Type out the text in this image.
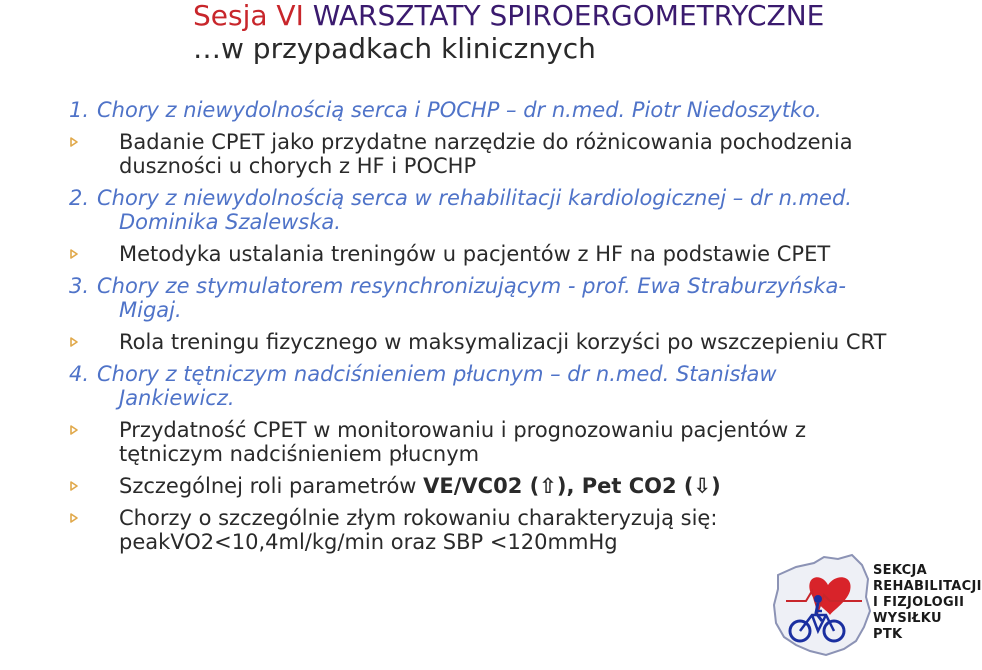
Sesja VI WARSZTATY SPIROERGOMETRYCZNE
…w przypadkach klinicznych
1. Chory z niewydolnością serca i POCHP – dr n.med. Piotr Niedoszytko.
Badanie CPET jako przydatne narzędzie do różnicowania pochodzenia
duszności u chorych z HF i POCHP
2. Chory z niewydolnością serca w rehabilitacji kardiologicznej – dr n.med.
Dominika Szalewska.
Metodyka ustalania treningów u pacjentów z HF na podstawie CPET
3. Chory ze stymulatorem resynchronizującym - prof. Ewa Straburzyńska-
Migaj.
Rola treningu fizycznego w maksymalizacji korzyści po wszczepieniu CRT
4. Chory z tętniczym nadciśnieniem płucnym – dr n.med. Stanisław
Jankiewicz.
Przydatność CPET w monitorowaniu i prognozowaniu pacjentów z
tętniczym nadciśnieniem płucnym
Szczególnej roli parametrów VE/VC02 (⇧), Pet CO2 (⇩)
Chorzy o szczególnie złym rokowaniu charakteryzują się:
peakVO2<10,4ml/kg/min oraz SBP <120mmHg
SEKCJA
REHABILITACJI
I FIZJOLOGII
WYSIŁKU
PTK
